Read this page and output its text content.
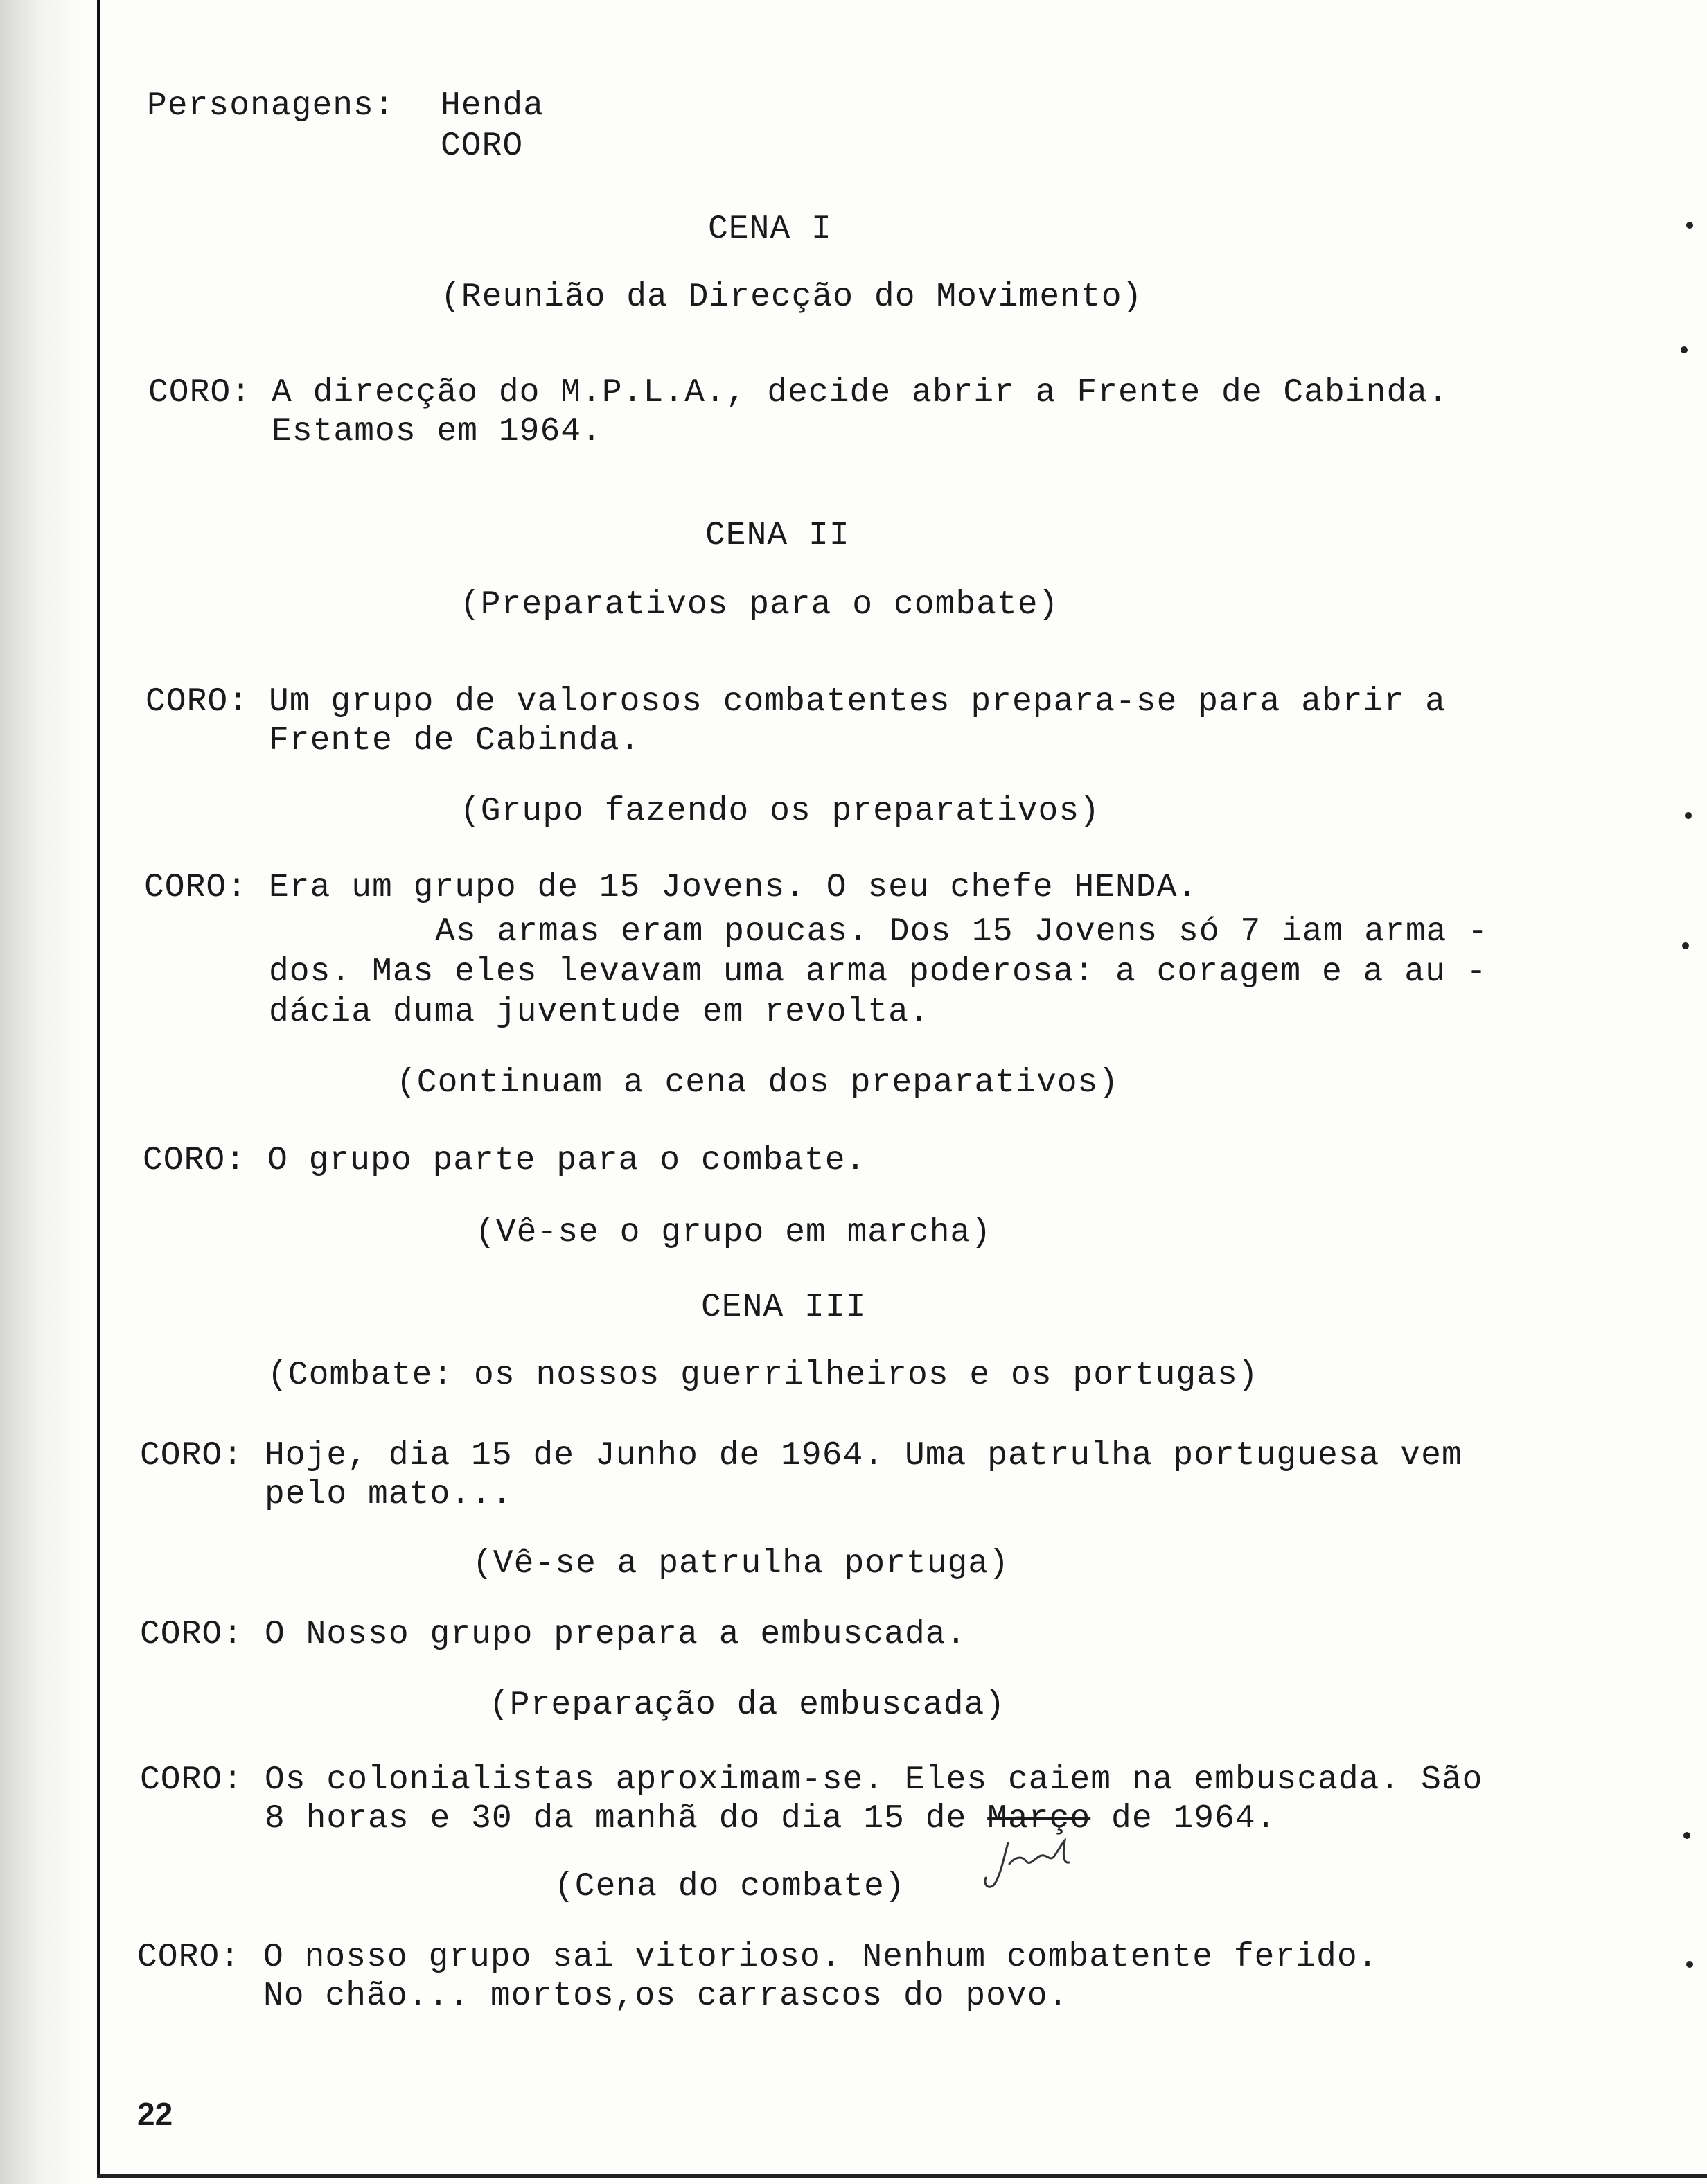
Personagens: Henda
CORO
CENA I
(Reunião da Direcção do Movimento)
CORO: A direcção do M.P.L.A., decide abrir a Frente de Cabinda.
Estamos em 1964.
CENA II
(Preparativos para o combate)
CORO: Um grupo de valorosos combatentes prepara-se para abrir a
Frente de Cabinda.
(Grupo fazendo os preparativos)
CORO: Era um grupo de 15 Jovens. O seu chefe HENDA.
As armas eram poucas. Dos 15 Jovens só 7 iam arma -
dos. Mas eles levavam uma arma poderosa: a coragem e a au -
dácia duma juventude em revolta.
(Continuam a cena dos preparativos)
CORO: O grupo parte para o combate.
(Vê-se o grupo em marcha)
CENA III
(Combate: os nossos guerrilheiros e os portugas)
CORO: Hoje, dia 15 de Junho de 1964. Uma patrulha portuguesa vem
pelo mato...
(Vê-se a patrulha portuga)
CORO: O Nosso grupo prepara a embuscada.
(Preparação da embuscada)
CORO: Os colonialistas aproximam-se. Eles caiem na embuscada. São
8 horas e 30 da manhã do dia 15 de Março de 1964.
(Cena do combate)
CORO: O nosso grupo sai vitorioso. Nenhum combatente ferido.
No chão... mortos,os carrascos do povo.
22
